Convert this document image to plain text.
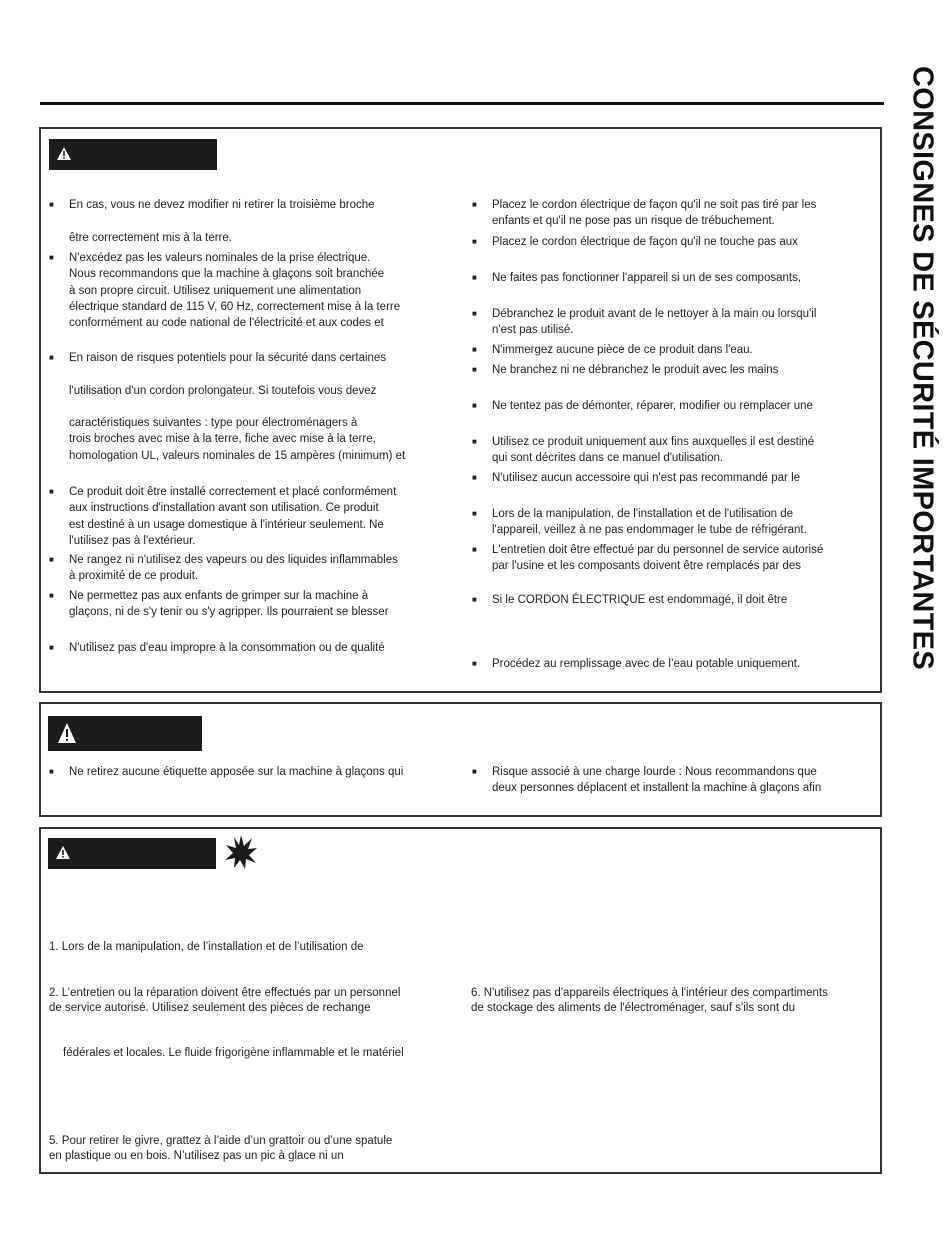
CONSIGNES DE SÉCURITÉ IMPORTANTES
■ En cas, vous ne devez modifier ni retirer la troisième broche
être correctement mis à la terre.
■ N'excédez pas les valeurs nominales de la prise électrique.
Nous recommandons que la machine à glaçons soit branchée
à son propre circuit. Utilisez uniquement une alimentation
électrique standard de 115 V, 60 Hz, correctement mise à la terre
conformément au code national de l'électricité et aux codes et
■ En raison de risques potentiels pour la sécurité dans certaines
l'utilisation d'un cordon prolongateur. Si toutefois vous devez
caractéristiques suivantes : type pour électroménagers à
trois broches avec mise à la terre, fiche avec mise à la terre,
homologation UL, valeurs nominales de 15 ampères (minimum) et
■ Ce produit doit être installé correctement et placé conformément
aux instructions d'installation avant son utilisation. Ce produit
est destiné à un usage domestique à l'intérieur seulement. Ne
l'utilisez pas à l'extérieur.
■ Ne rangez ni n'utilisez des vapeurs ou des liquides inflammables
à proximité de ce produit.
■ Ne permettez pas aux enfants de grimper sur la machine à
glaçons, ni de s'y tenir ou s'y agripper. Ils pourraient se blesser
■ N'utilisez pas d'eau impropre à la consommation ou de qualité
■ Placez le cordon électrique de façon qu'il ne soit pas tiré par les
enfants et qu'il ne pose pas un risque de trébuchement.
■ Placez le cordon électrique de façon qu'il ne touche pas aux
■ Ne faites pas fonctionner l'appareil si un de ses composants,
■ Débranchez le produit avant de le nettoyer à la main ou lorsqu'il
n'est pas utilisé.
■ N'immergez aucune pièce de ce produit dans l'eau.
■ Ne branchez ni ne débranchez le produit avec les mains
■ Ne tentez pas de démonter, réparer, modifier ou remplacer une
■ Utilisez ce produit uniquement aux fins auxquelles il est destiné
qui sont décrites dans ce manuel d'utilisation.
■ N'utilisez aucun accessoire qui n'est pas recommandé par le
■ Lors de la manipulation, de l'installation et de l'utilisation de
l'appareil, veillez à ne pas endommager le tube de réfrigérant.
■ L'entretien doit être effectué par du personnel de service autorisé
par l'usine et les composants doivent être remplacés par des
■ Si le CORDON ÉLECTRIQUE est endommagé, il doit être
■ Procédez au remplissage avec de l’eau potable uniquement.
■ Ne retirez aucune étiquette apposée sur la machine à glaçons qui
■	Risque associé à une charge lourde : Nous recommandons que
deux personnes déplacent et installent la machine à glaçons afin
1. Lors de la manipulation, de l’installation et de l’utilisation de
2. L’entretien ou la réparation doivent être effectués par un personnel
de service autorisé. Utilisez seulement des pièces de rechange
fédérales et locales. Le fluide frigorigène inflammable et le matériel
5. Pour retirer le givre, grattez à l’aide d’un grattoir ou d’une spatule
en plastique ou en bois. N’utilisez pas un pic à glace ni un
6. N'utilisez pas d'appareils électriques à l'intérieur des compartiments
de stockage des aliments de l'électroménager, sauf s'ils sont du
